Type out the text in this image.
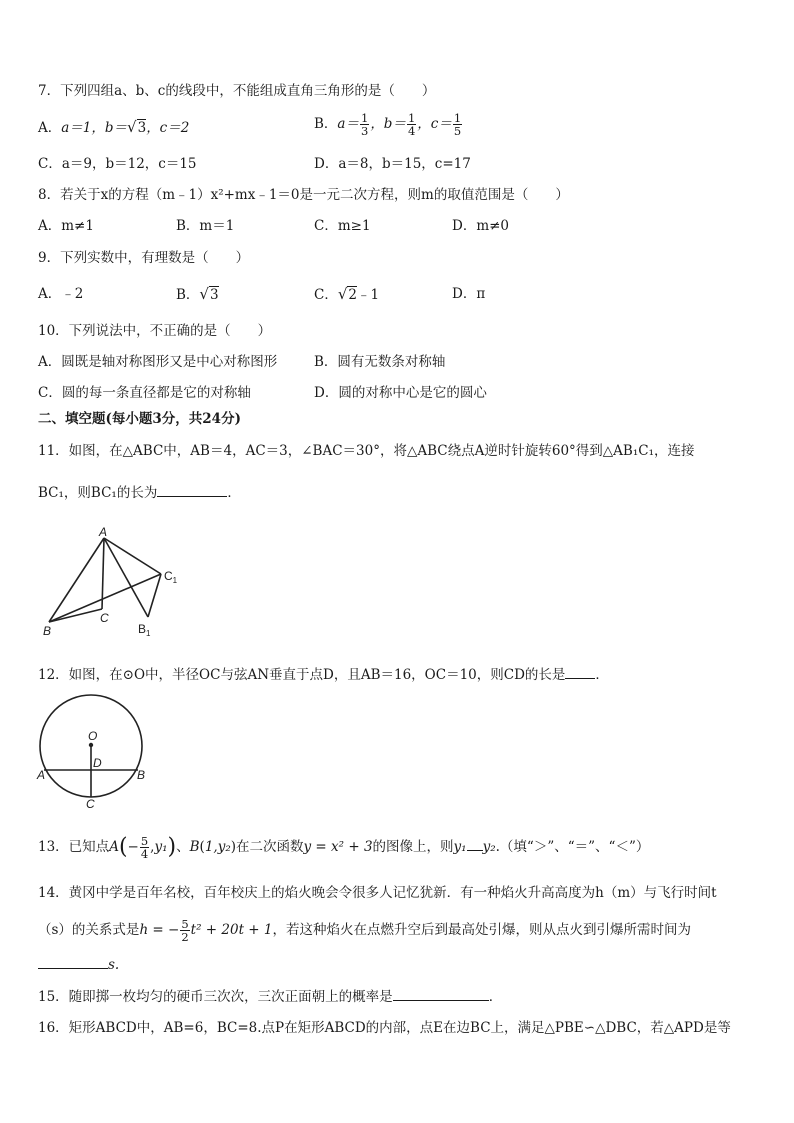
7．下列四组a、b、c的线段中，不能组成直角三角形的是（　　）
A．a＝1，b＝√3，c＝2	B．$a= \frac{1}{3}$ ，$b= \frac{1}{4}$ ，$c= \frac{1}{5}$
C．a＝9，b＝12，c＝15	D．a＝8，b＝15，c=17
8．若关于x的方程（m﹣1）x²+mx﹣1＝0是一元二次方程，则m的取值范围是（　　）
A．m≠1	B．m＝1	C．m≥1	D．m≠0
9．下列实数中，有理数是（　　）
A．﹣2	B．√3	C．√2﹣1	D．π
10．下列说法中，不正确的是（　　）
A．圆既是轴对称图形又是中心对称图形	B．圆有无数条对称轴
C．圆的每一条直径都是它的对称轴	D．圆的对称中心是它的圆心
二、填空题(每小题3分，共24分)
11．如图，在△ABC中，AB＝4，AC＝3，∠BAC＝30°，将△ABC绕点A逆时针旋转60°得到△AB₁C₁，连接
BC₁，则BC₁的长为	．
A
B
C
$B_1$
$C_1$
12．如图，在⊙O中，半径OC与弦AN垂直于点D，且AB＝16，OC＝10，则CD的长是 ．
O
D
A	B
C
13．已知点$A(- \frac{5}{4} ,y_1)$、B(1,y₂)在二次函数y = x² + 3的图像上，则y₁ y₂.（填“＞”、“＝”、“＜”）
14．黄冈中学是百年名校，百年校庆上的焰火晚会令很多人记忆犹新．有一种焰火升高高度为h（m）与飞行时间t
（s）的关系式是h = − $\frac{5}{2} t^2 + 20t + 1$，若这种焰火在点燃升空后到最高处引爆，则从点火到引爆所需时间为
s.
15．随即掷一枚均匀的硬币三次次，三次正面朝上的概率是	．
16．矩形ABCD中，AB=6，BC=8.点P在矩形ABCD的内部，点E在边BC上，满足△PBE∽△DBC，若△APD是等
